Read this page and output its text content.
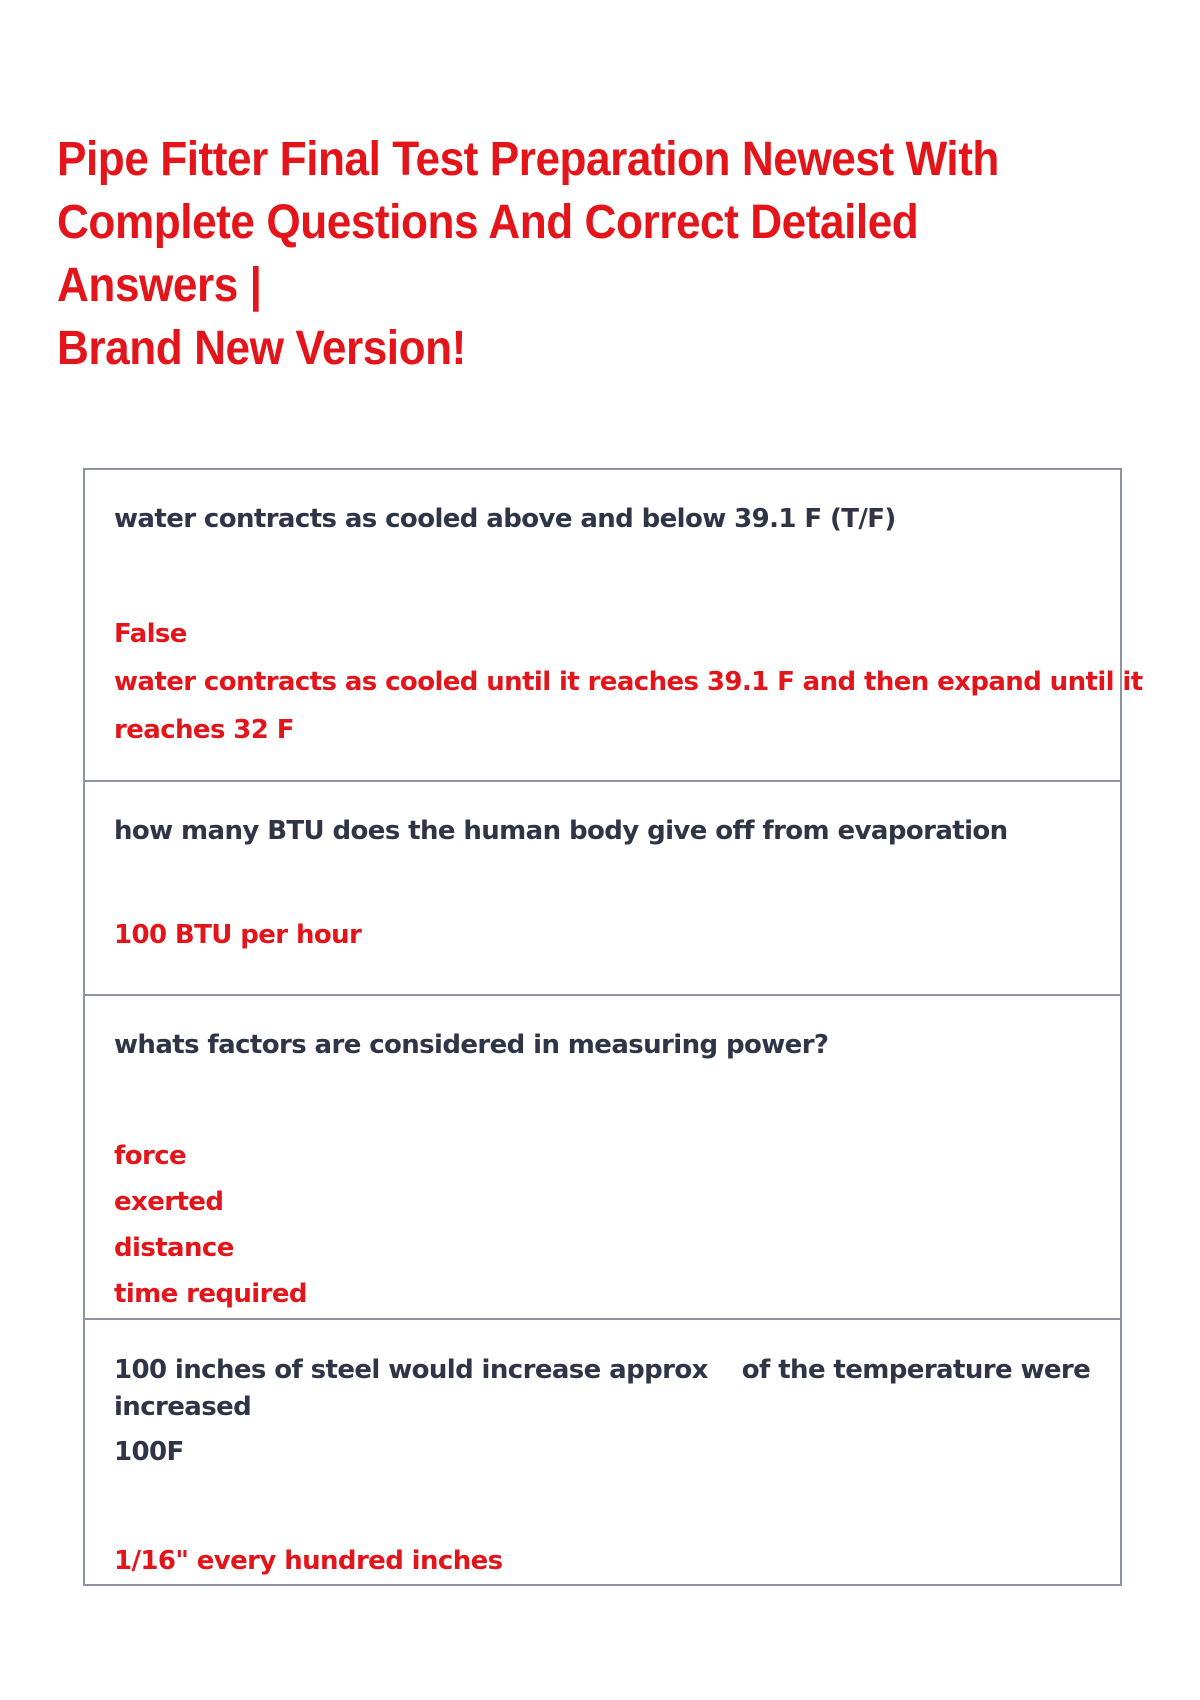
Pipe Fitter Final Test Preparation Newest With
Complete Questions And Correct Detailed Answers |
Brand New Version!

water contracts as cooled above and below 39.1 F (T/F)

False

water contracts as cooled until it reaches 39.1 F and then expand until it

reaches 32 F

how many BTU does the human body give off from evaporation

100 BTU per hour

whats factors are considered in measuring power?

force

exerted

distance

time required

100 inches of steel would increase approx of the temperature were

increased

100F

1/16" every hundred inches
